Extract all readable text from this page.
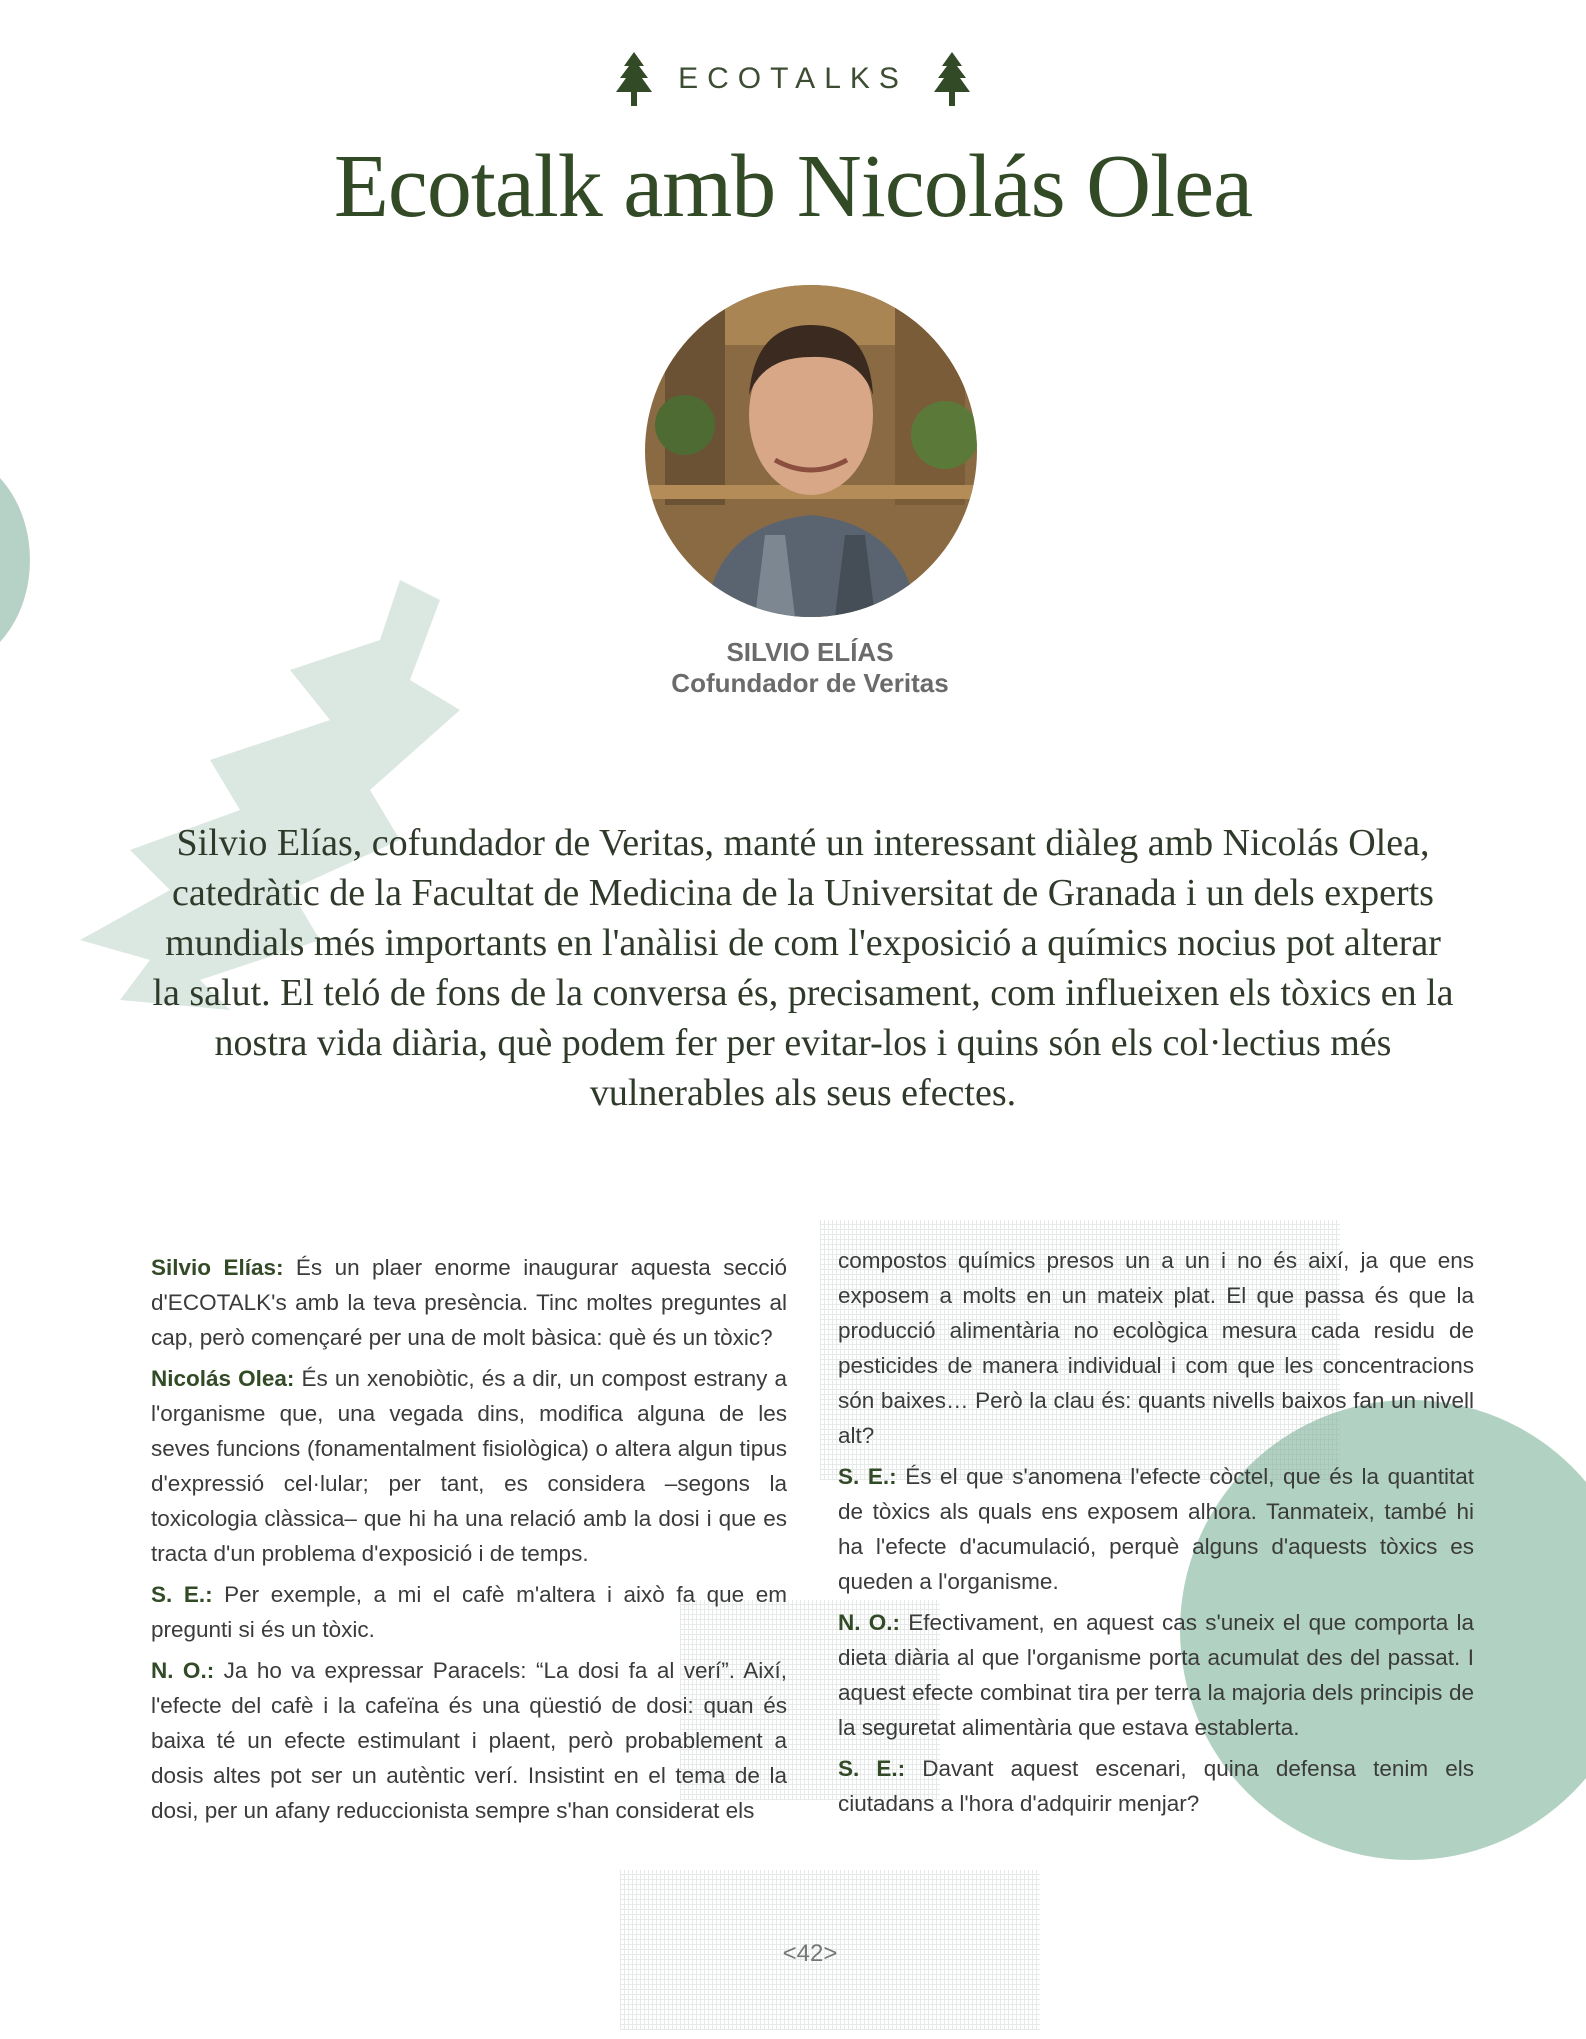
ECOTALKS
Ecotalk amb Nicolás Olea
SILVIO ELÍAS
Cofundador de Veritas

Silvio Elías, cofundador de Veritas, manté un interessant diàleg amb Nicolás Olea, catedràtic de la Facultat de Medicina de la Universitat de Granada i un dels experts mundials més importants en l'anàlisi de com l'exposició a químics nocius pot alterar la salut. El teló de fons de la conversa és, precisament, com influeixen els tòxics en la nostra vida diària, què podem fer per evitar-los i quins són els col·lectius més vulnerables als seus efectes.

Silvio Elías: És un plaer enorme inaugurar aquesta secció d'ECOTALK's amb la teva presència. Tinc moltes preguntes al cap, però començaré per una de molt bàsica: què és un tòxic?

Nicolás Olea: És un xenobiòtic, és a dir, un compost estrany a l'organisme que, una vegada dins, modifica alguna de les seves funcions (fonamentalment fisiològica) o altera algun tipus d'expressió cel·lular; per tant, es considera –segons la toxicologia clàssica– que hi ha una relació amb la dosi i que es tracta d'un problema d'exposició i de temps.

S. E.: Per exemple, a mi el cafè m'altera i això fa que em pregunti si és un tòxic.

N. O.: Ja ho va expressar Paracels: “La dosi fa al verí”. Així, l'efecte del cafè i la cafeïna és una qüestió de dosi: quan és baixa té un efecte estimulant i plaent, però probablement a dosis altes pot ser un autèntic verí. Insistint en el tema de la dosi, per un afany reduccionista sempre s'han considerat els

compostos químics presos un a un i no és així, ja que ens exposem a molts en un mateix plat. El que passa és que la producció alimentària no ecològica mesura cada residu de pesticides de manera individual i com que les concentracions són baixes… Però la clau és: quants nivells baixos fan un nivell alt?

S. E.: És el que s'anomena l'efecte còctel, que és la quantitat de tòxics als quals ens exposem alhora. Tanmateix, també hi ha l'efecte d'acumulació, perquè alguns d'aquests tòxics es queden a l'organisme.

N. O.: Efectivament, en aquest cas s'uneix el que comporta la dieta diària al que l'organisme porta acumulat des del passat. I aquest efecte combinat tira per terra la majoria dels principis de la seguretat alimentària que estava establerta.

S. E.: Davant aquest escenari, quina defensa tenim els ciutadans a l'hora d'adquirir menjar?

<42>
